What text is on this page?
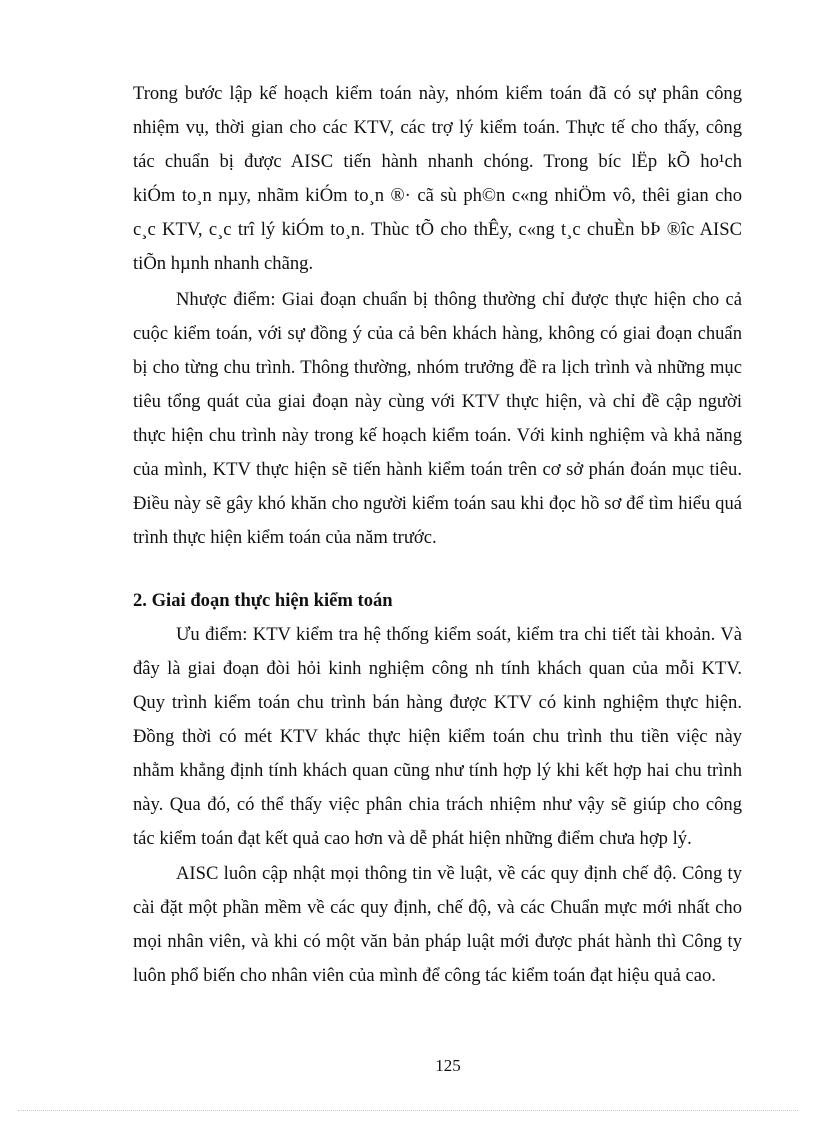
Trong bước lập kế hoạch kiểm toán này, nhóm kiểm toán đã có sự phân công
nhiệm vụ, thời gian cho các KTV, các trợ lý kiểm toán. Thực tế cho thấy, công
tác chuẩn bị được AISC tiến hành nhanh chóng. Trong bíc lËp kÕ ho¹ch
kiÓm to¸n nµy, nhãm kiÓm to¸n ®· cã sù ph©n c«ng nhiÖm vô, thêi gian cho
c¸c KTV, c¸c trî lý kiÓm to¸n. Thùc tÕ cho thÊy, c«ng t¸c chuÈn bÞ ®îc AISC
tiÕn hµnh nhanh chãng.
Nhược điểm: Giai đoạn chuẩn bị thông thường chỉ được thực hiện cho cả
cuộc kiểm toán, với sự đồng ý của cả bên khách hàng, không có giai đoạn chuẩn
bị cho từng chu trình. Thông thường, nhóm trưởng đề ra lịch trình và những mục
tiêu tổng quát của giai đoạn này cùng với KTV thực hiện, và chỉ đề cập người
thực hiện chu trình này trong kế hoạch kiểm toán. Với kinh nghiệm và khả năng
của mình, KTV thực hiện sẽ tiến hành kiểm toán trên cơ sở phán đoán mục tiêu.
Điều này sẽ gây khó khăn cho người kiểm toán sau khi đọc hồ sơ để tìm hiểu quá
trình thực hiện kiểm toán của năm trước.
2. Giai đoạn thực hiện kiểm toán
Ưu điểm: KTV kiểm tra hệ thống kiểm soát, kiểm tra chi tiết tài khoản. Và
đây là giai đoạn đòi hỏi kinh nghiệm công nh tính khách quan của mỗi KTV.
Quy trình kiểm toán chu trình bán hàng được KTV có kinh nghiệm thực hiện.
Đồng thời có mét KTV khác thực hiện kiểm toán chu trình thu tiền việc này
nhằm khẳng định tính khách quan cũng như tính hợp lý khi kết hợp hai chu trình
này. Qua đó, có thể thấy việc phân chia trách nhiệm như vậy sẽ giúp cho công
tác kiểm toán đạt kết quả cao hơn và dễ phát hiện những điểm chưa hợp lý.
AISC luôn cập nhật mọi thông tin về luật, về các quy định chế độ. Công ty
cài đặt một phần mềm về các quy định, chế độ, và các Chuẩn mực mới nhất cho
mọi nhân viên, và khi có một văn bản pháp luật mới được phát hành thì Công ty
luôn phổ biến cho nhân viên của mình để công tác kiểm toán đạt hiệu quả cao.
125
